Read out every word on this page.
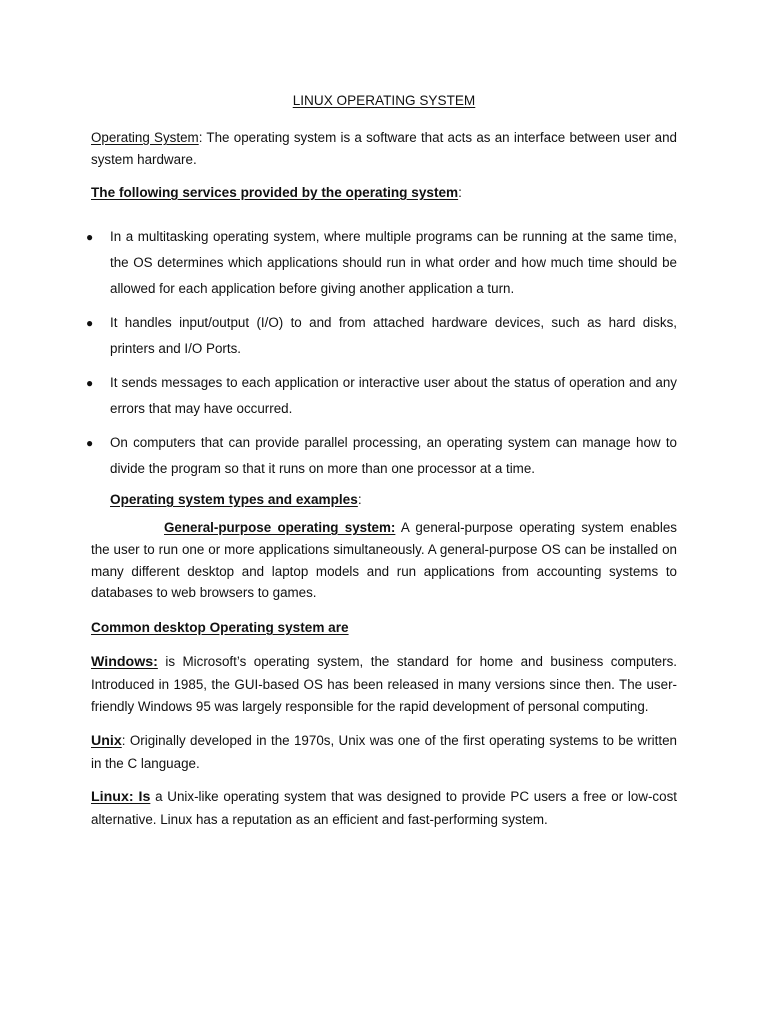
LINUX OPERATING SYSTEM

Operating System: The operating system is a software that acts as an interface between user and system hardware.

The following services provided by the operating system:
● In a multitasking operating system, where multiple programs can be running at the same time, the OS determines which applications should run in what order and how much time should be allowed for each application before giving another application a turn.
● It handles input/output (I/O) to and from attached hardware devices, such as hard disks, printers and I/O Ports.
● It sends messages to each application or interactive user about the status of operation and any errors that may have occurred.
● On computers that can provide parallel processing, an operating system can manage how to divide the program so that it runs on more than one processor at a time.
Operating system types and examples:

General-purpose operating system: A general-purpose operating system enables the user to run one or more applications simultaneously. A general-purpose OS can be installed on many different desktop and laptop models and run applications from accounting systems to databases to web browsers to games.

Common desktop Operating system are

Windows: is Microsoft’s operating system, the standard for home and business computers. Introduced in 1985, the GUI-based OS has been released in many versions since then. The user-friendly Windows 95 was largely responsible for the rapid development of personal computing.

Unix: Originally developed in the 1970s, Unix was one of the first operating systems to be written in the C language.

Linux: Is a Unix-like operating system that was designed to provide PC users a free or low-cost alternative. Linux has a reputation as an efficient and fast-performing system.
